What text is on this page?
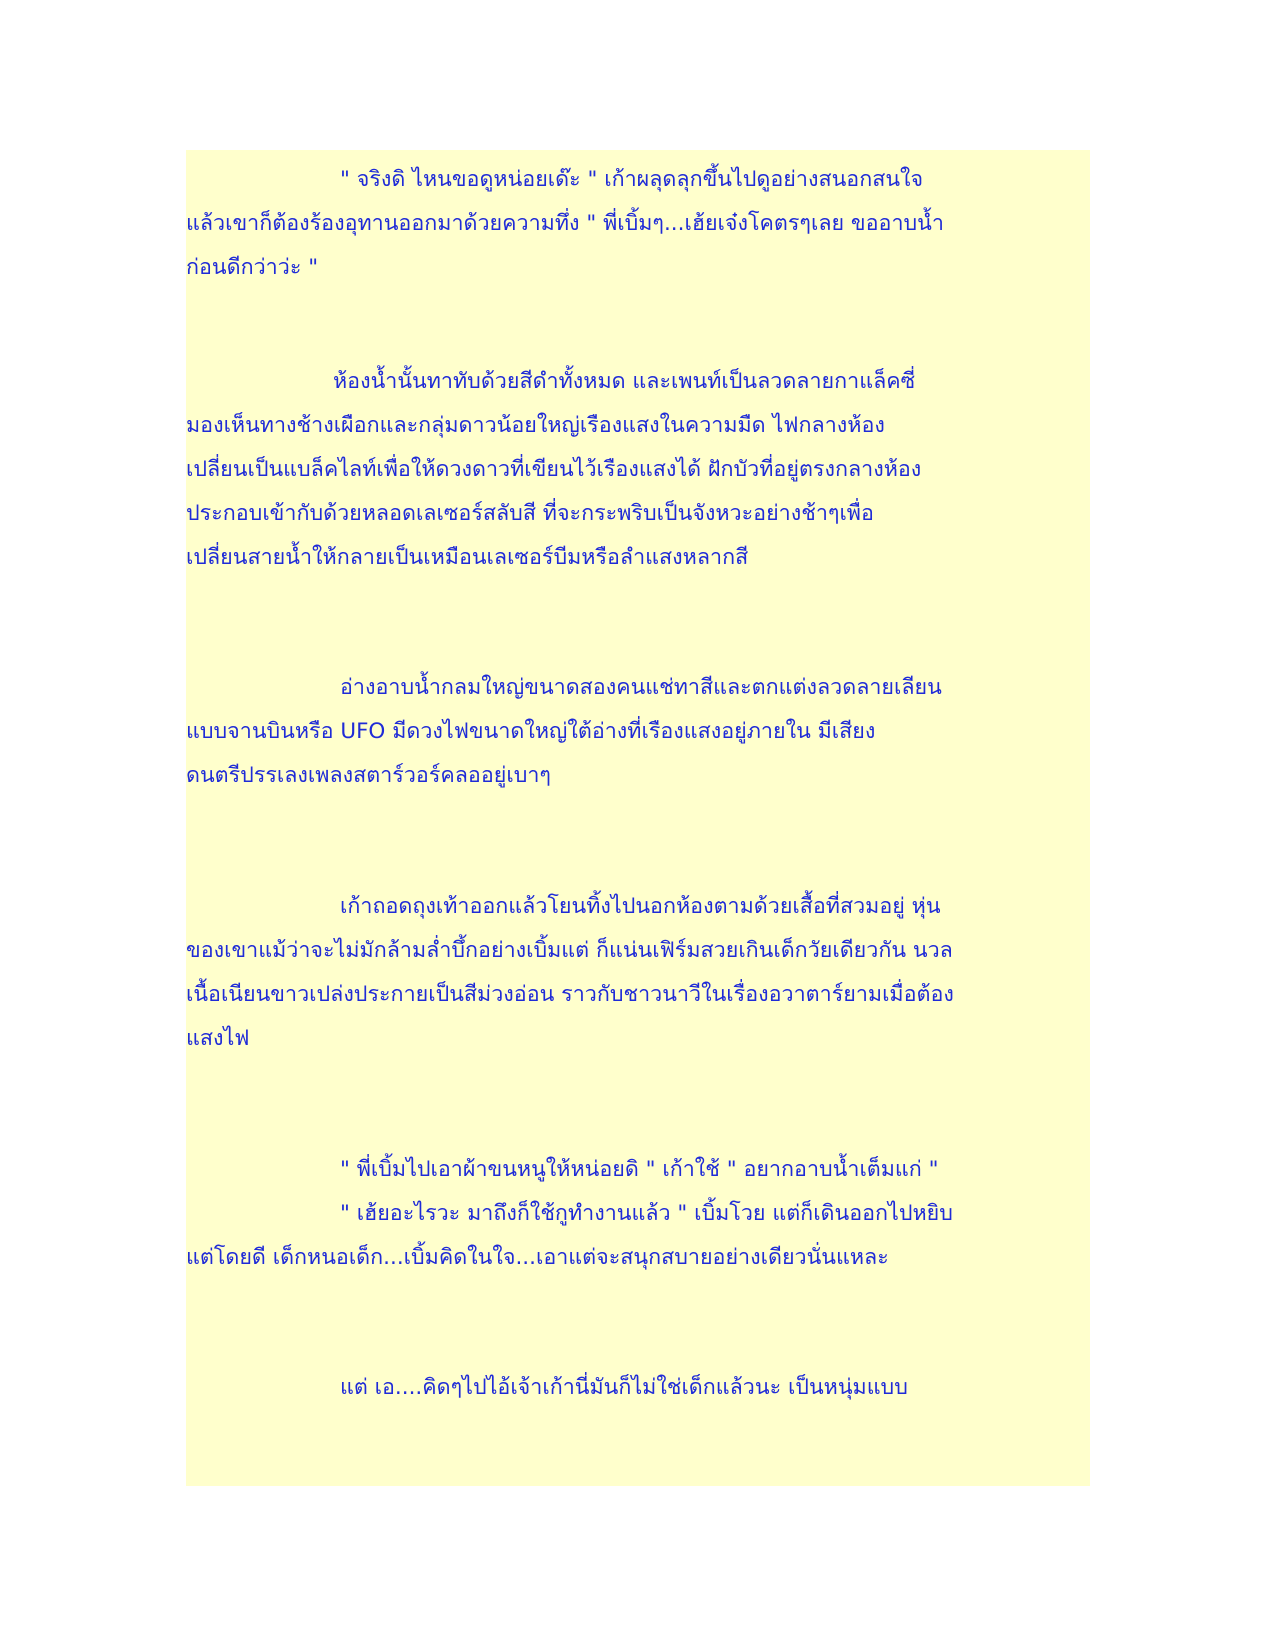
" จริงดิ ไหนขอดูหน่อยเด๊ะ " เก้าผลุดลุกขึ้นไปดูอย่างสนอกสนใจ
แล้วเขาก็ต้องร้องอุทานออกมาด้วยความทึ่ง " พี่เบิ้มๆ...เฮ้ยเจ๋งโคตรๆเลย ขออาบน้ำ
ก่อนดีกว่าว่ะ "
ห้องน้ำนั้นทาทับด้วยสีดำทั้งหมด และเพนท์เป็นลวดลายกาแล็คซี่
มองเห็นทางช้างเผือกและกลุ่มดาวน้อยใหญ่เรืองแสงในความมืด ไฟกลางห้อง
เปลี่ยนเป็นแบล็คไลท์เพื่อให้ดวงดาวที่เขียนไว้เรืองแสงได้ ฝักบัวที่อยู่ตรงกลางห้อง
ประกอบเข้ากับด้วยหลอดเลเซอร์สลับสี ที่จะกระพริบเป็นจังหวะอย่างช้าๆเพื่อ
เปลี่ยนสายน้ำให้กลายเป็นเหมือนเลเซอร์บีมหรือลำแสงหลากสี
อ่างอาบน้ำกลมใหญ่ขนาดสองคนแช่ทาสีและตกแต่งลวดลายเลียน
แบบจานบินหรือ UFO มีดวงไฟขนาดใหญ่ใต้อ่างที่เรืองแสงอยู่ภายใน มีเสียง
ดนตรีปรรเลงเพลงสตาร์วอร์คลออยู่เบาๆ
เก้าถอดถุงเท้าออกแล้วโยนทิ้งไปนอกห้องตามด้วยเสื้อที่สวมอยู่ หุ่น
ของเขาแม้ว่าจะไม่มักล้ามล่ำบึ้กอย่างเบิ้มแต่ ก็แน่นเฟิร์มสวยเกินเด็กวัยเดียวกัน นวล
เนื้อเนียนขาวเปล่งประกายเป็นสีม่วงอ่อน ราวกับชาวนาวีในเรื่องอวาตาร์ยามเมื่อต้อง
แสงไฟ
" พี่เบิ้มไปเอาผ้าขนหนูให้หน่อยดิ " เก้าใช้ " อยากอาบน้ำเต็มแก่ "
" เฮ้ยอะไรวะ มาถึงก็ใช้กูทำงานแล้ว " เบิ้มโวย แต่ก็เดินออกไปหยิบ
แต่โดยดี เด็กหนอเด็ก...เบิ้มคิดในใจ...เอาแต่จะสนุกสบายอย่างเดียวนั่นแหละ
แต่ เอ....คิดๆไปไอ้เจ้าเก้านี่มันก็ไม่ใช่เด็กแล้วนะ เป็นหนุ่มแบบ
